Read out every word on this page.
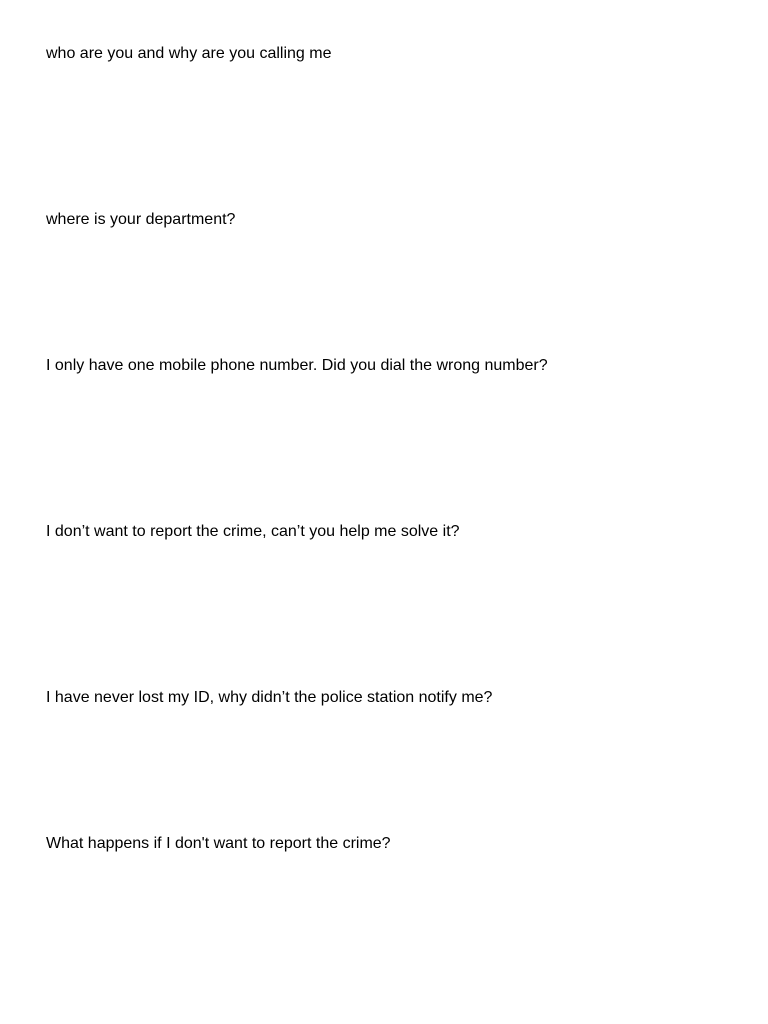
who are you and why are you calling me

where is your department?

I only have one mobile phone number. Did you dial the wrong number?

I don’t want to report the crime, can’t you help me solve it?

I have never lost my ID, why didn’t the police station notify me?

What happens if I don't want to report the crime?
